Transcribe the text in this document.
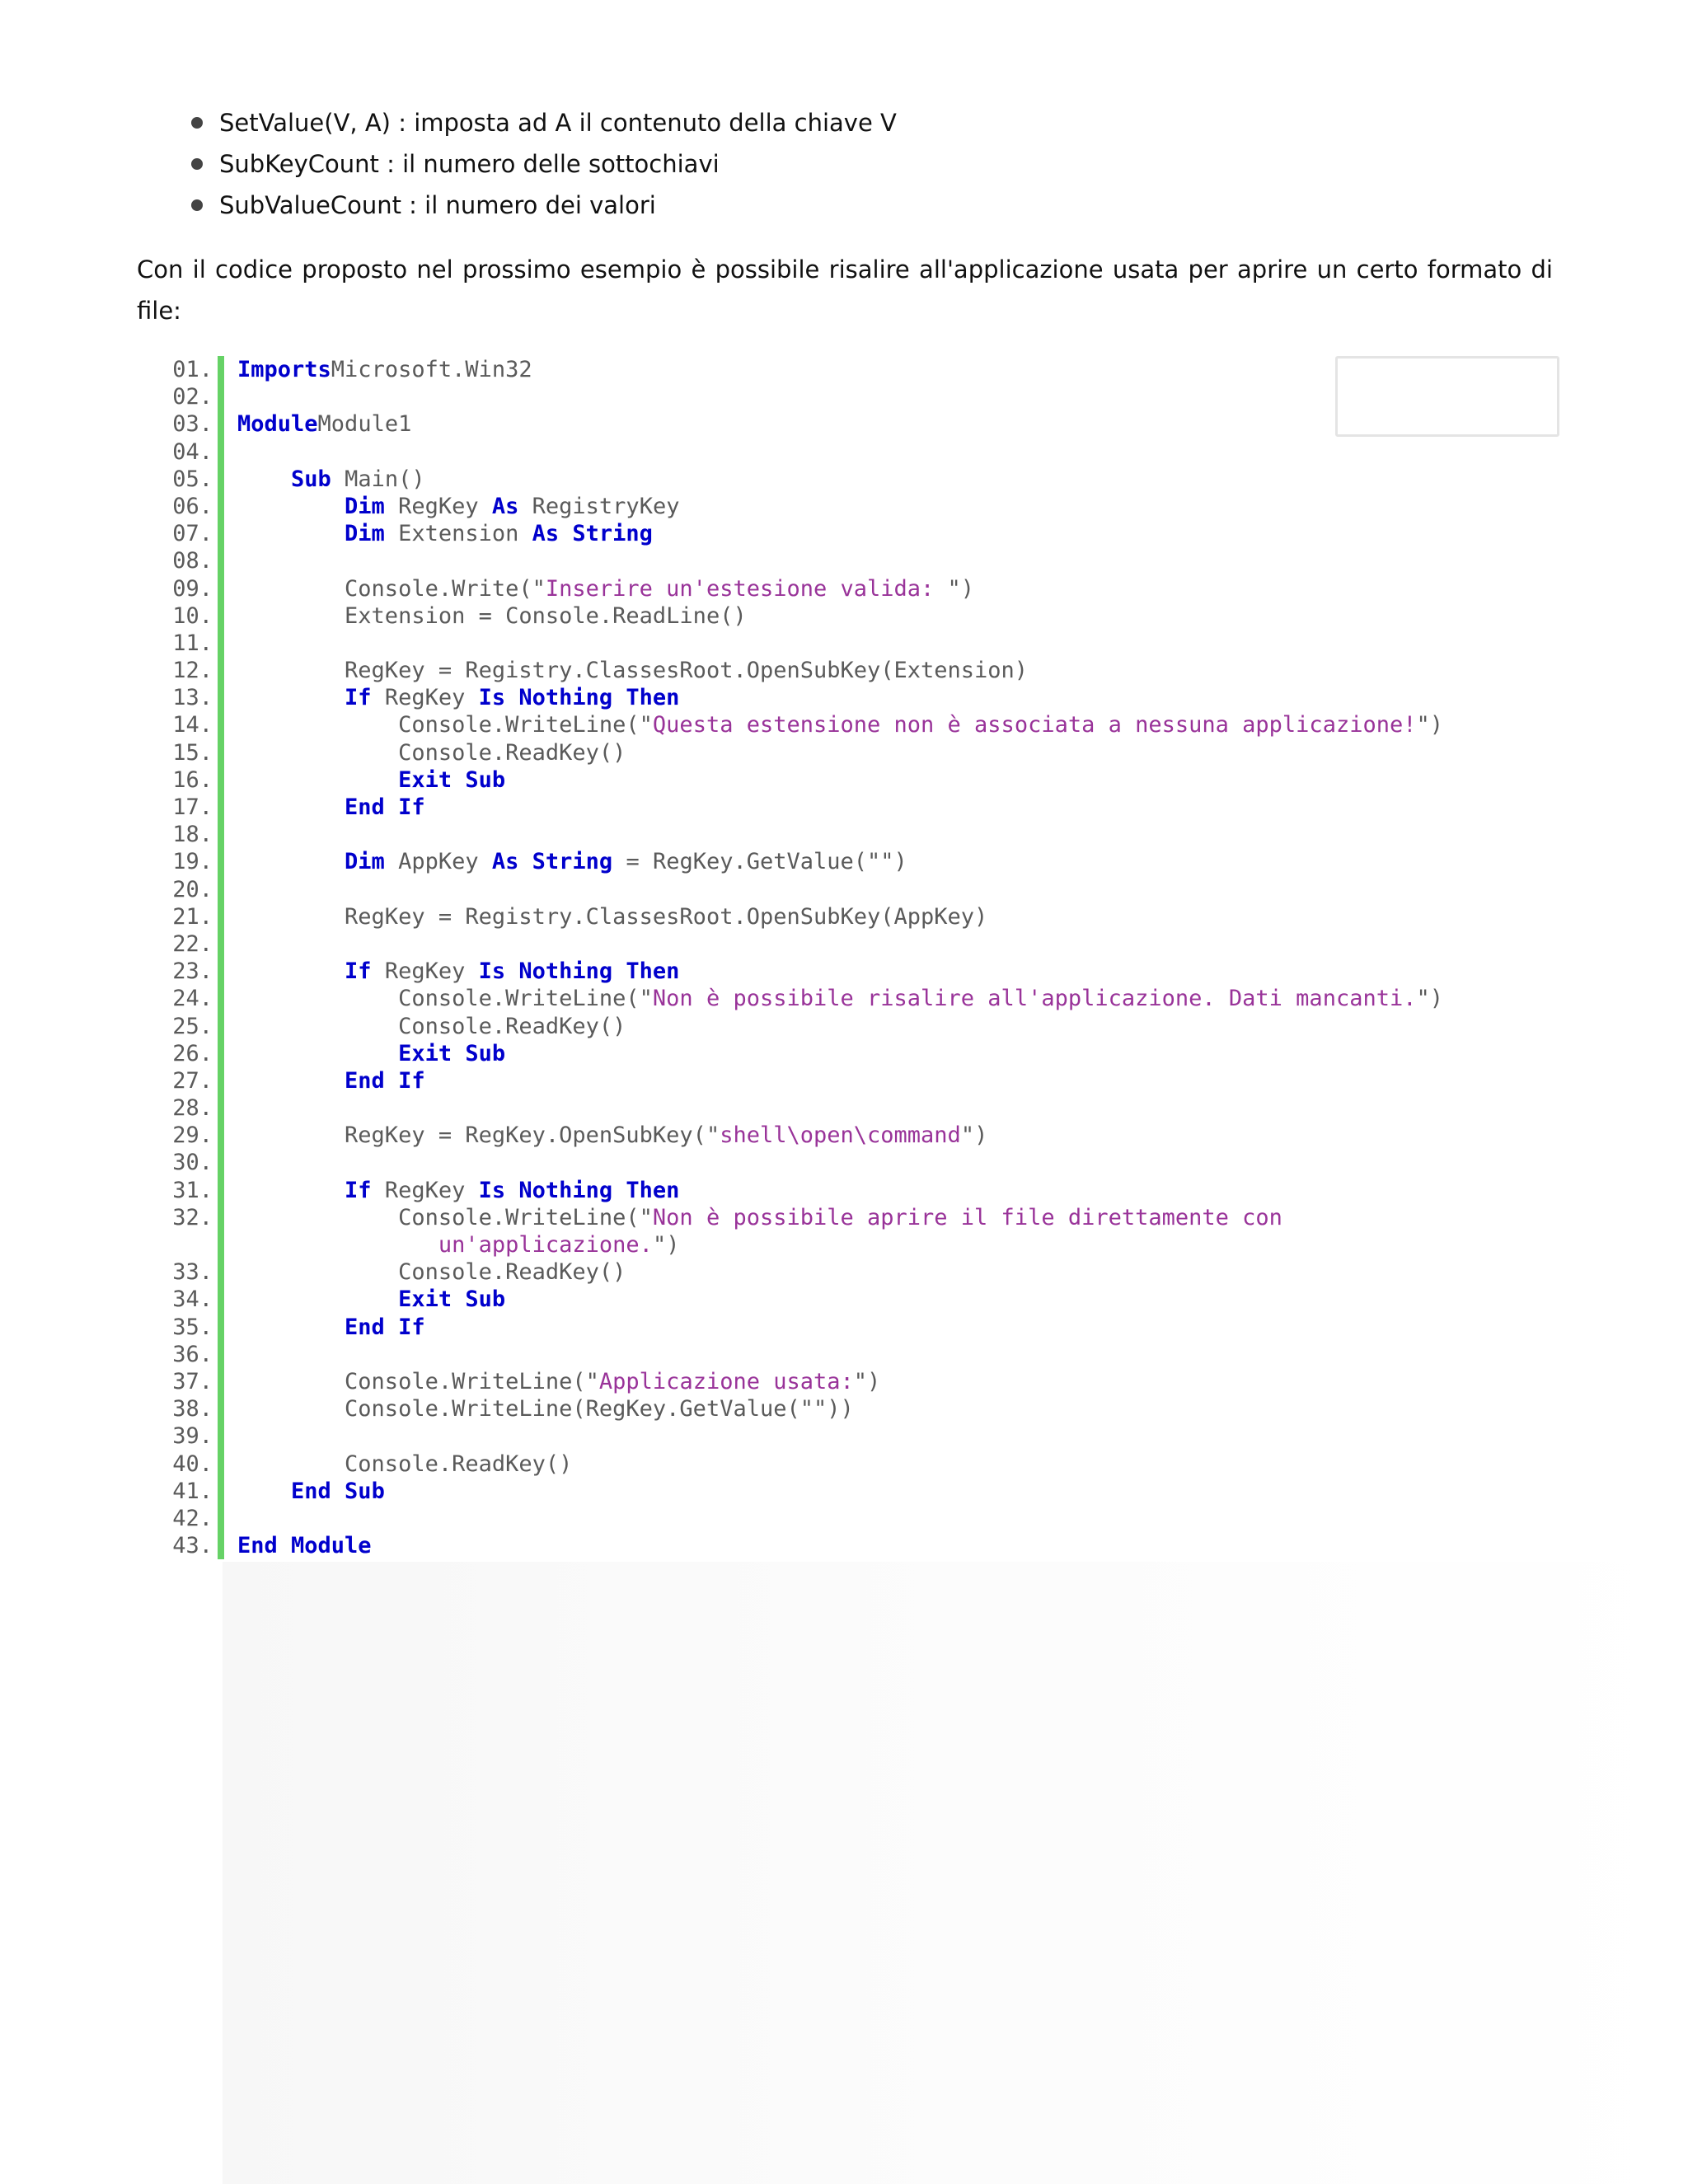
SetValue(V, A) : imposta ad A il contenuto della chiave V
SubKeyCount : il numero delle sottochiavi
SubValueCount : il numero dei valori

Con il codice proposto nel prossimo esempio è possibile risalire all'applicazione usata per aprire un certo formato di file:

01. ImportsMicrosoft.Win32
02.

03. ModuleModule1
04.

05.	Sub Main()
06.	Dim RegKey As RegistryKey
07.	Dim Extension As String
08.

09. Console.Write("Inserire un'estesione valida: ")
10. Extension = Console.ReadLine()
11.

12. RegKey = Registry.ClassesRoot.OpenSubKey(Extension)
13.	If RegKey Is Nothing Then
14. Console.WriteLine("Questa estensione non è associata a nessuna applicazione!")
15. Console.ReadKey()
16.	Exit Sub
17.	End If
18.

19.	Dim AppKey As String = RegKey.GetValue("")
20.

21. RegKey = Registry.ClassesRoot.OpenSubKey(AppKey)
22.

23.	If RegKey Is Nothing Then
24. Console.WriteLine("Non è possibile risalire all'applicazione. Dati mancanti.")
25. Console.ReadKey()
26.	Exit Sub
27.	End If
28.

29. RegKey = RegKey.OpenSubKey("shell\open\command")
30.

31.	If RegKey Is Nothing Then
32. Console.WriteLine("Non è possibile aprire il file direttamente con
un'applicazione.")
33. Console.ReadKey()
34.	Exit Sub
35.	End If
36.

37. Console.WriteLine("Applicazione usata:")
38. Console.WriteLine(RegKey.GetValue(""))
39.

40. Console.ReadKey()
41.	End Sub
42.

43. End Module
